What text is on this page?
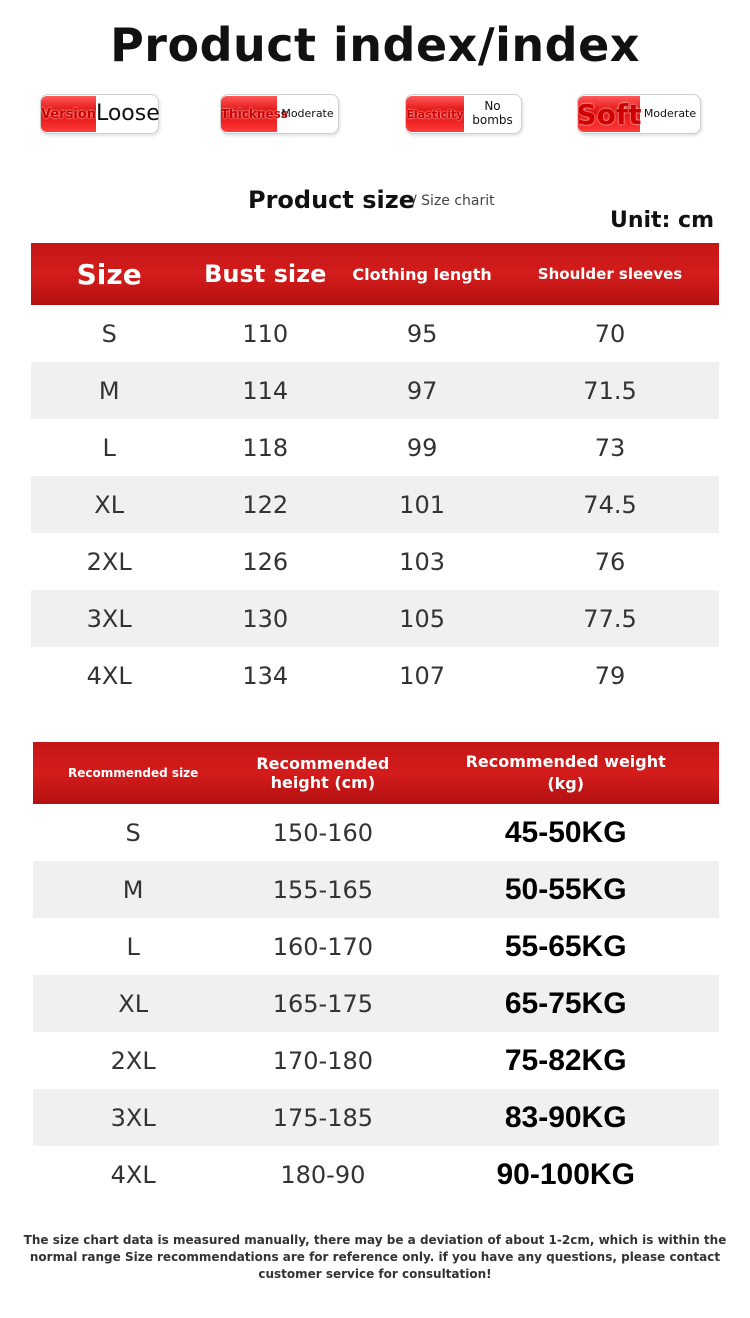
Product index/index
Version Loose	Thickness
Moderate	Elasticity
No bombs Soft Moderate
Product size
/ Size charit
Unit: cm
Size	Bust size	Clothing length	Shoulder sleeves
S	110	95	70
M	114	97	71.5
L	118	99	73
XL	122	101	74.5
2XL	126	103	76
3XL	130	105	77.5
4XL	134	107	79
Recommended size	Recommended height (cm)	Recommended weight (kg)
S	150-160	45-50KG
M	155-165	50-55KG
L	160-170	55-65KG
XL	165-175	65-75KG
2XL	170-180	75-82KG
3XL	175-185	83-90KG
4XL	180-90	90-100KG
The size chart data is measured manually, there may be a deviation of about 1-2cm, which is within the normal range Size recommendations are for reference only. if you have any questions, please contact customer service for consultation!
